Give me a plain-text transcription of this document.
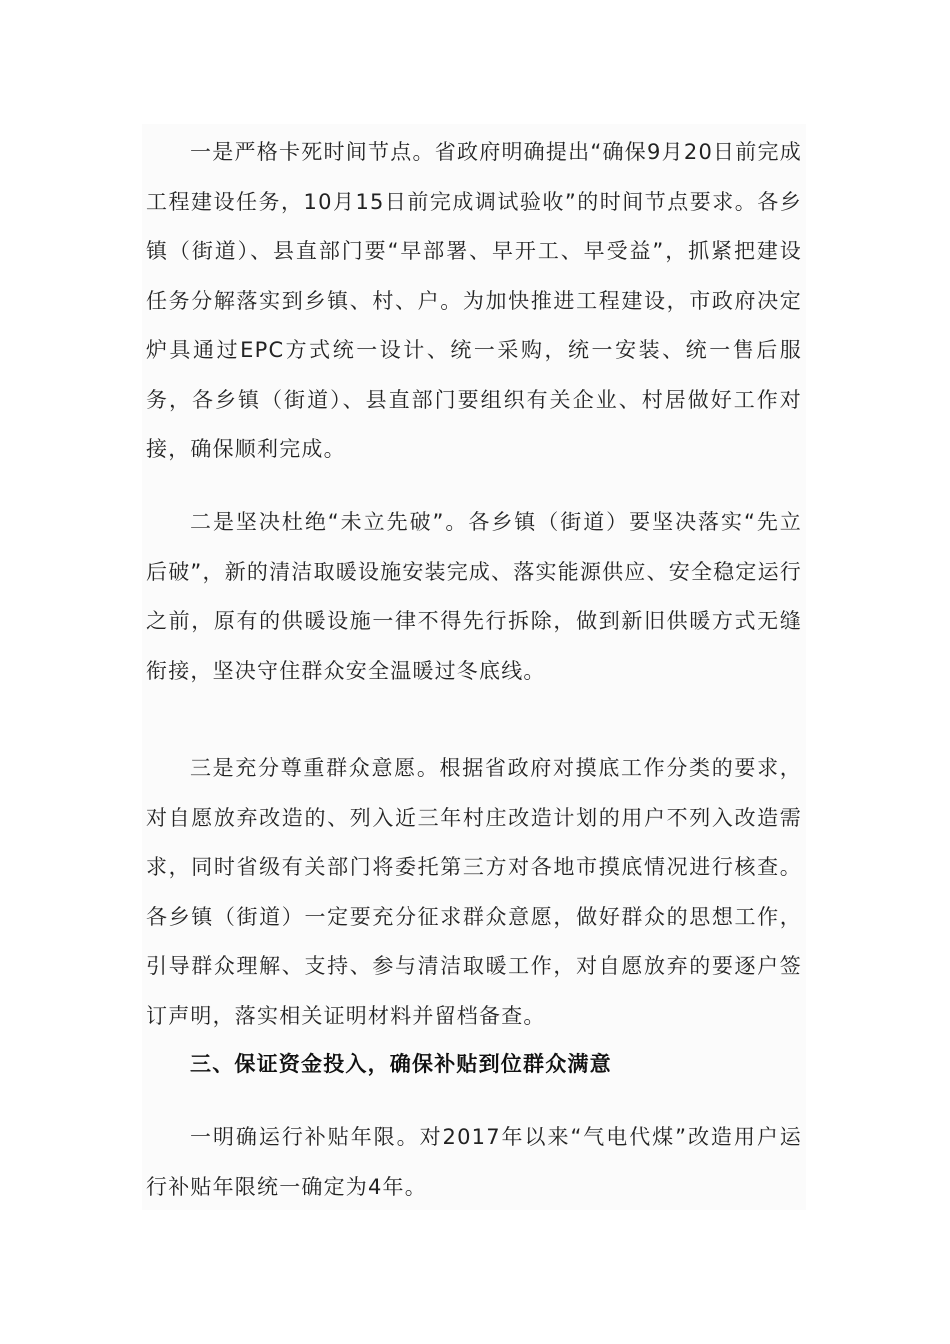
一是严格卡死时间节点。省政府明确提出“确保9月20日前完成工程建设任务，10月15日前完成调试验收”的时间节点要求。各乡镇（街道）、县直部门要“早部署、早开工、早受益”，抓紧把建设任务分解落实到乡镇、村、户。为加快推进工程建设，市政府决定炉具通过EPC方式统一设计、统一采购，统一安装、统一售后服务，各乡镇（街道）、县直部门要组织有关企业、村居做好工作对接，确保顺利完成。

二是坚决杜绝“未立先破”。各乡镇（街道）要坚决落实“先立后破”，新的清洁取暖设施安装完成、落实能源供应、安全稳定运行之前，原有的供暖设施一律不得先行拆除，做到新旧供暖方式无缝衔接，坚决守住群众安全温暖过冬底线。

三是充分尊重群众意愿。根据省政府对摸底工作分类的要求，对自愿放弃改造的、列入近三年村庄改造计划的用户不列入改造需求，同时省级有关部门将委托第三方对各地市摸底情况进行核查。各乡镇（街道）一定要充分征求群众意愿，做好群众的思想工作，引导群众理解、支持、参与清洁取暖工作，对自愿放弃的要逐户签订声明，落实相关证明材料并留档备查。

三、保证资金投入，确保补贴到位群众满意

一明确运行补贴年限。对2017年以来“气电代煤”改造用户运行补贴年限统一确定为4年。
